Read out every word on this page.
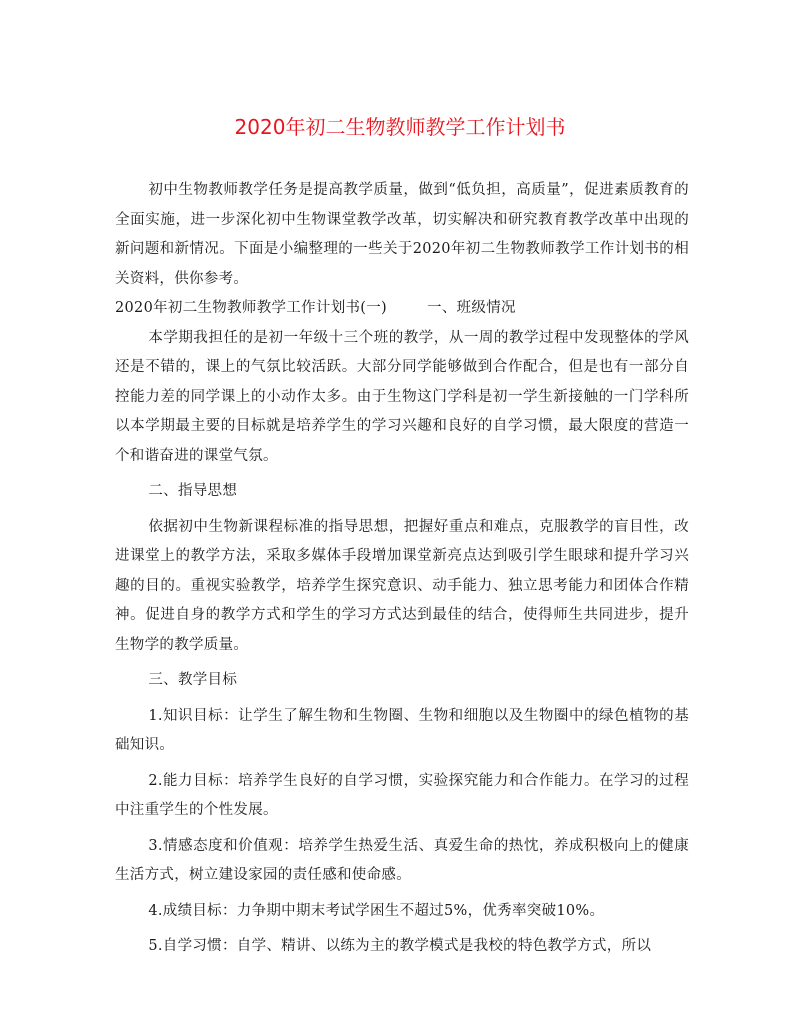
2020年初二生物教师教学工作计划书

初中生物教师教学任务是提高教学质量，做到“低负担，高质量”，促进素质教育的全面实施，进一步深化初中生物课堂教学改革，切实解决和研究教育教学改革中出现的新问题和新情况。下面是小编整理的一些关于2020年初二生物教师教学工作计划书的相关资料，供你参考。

2020年初二生物教师教学工作计划书(一)	一、班级情况

本学期我担任的是初一年级十三个班的教学，从一周的教学过程中发现整体的学风还是不错的，课上的气氛比较活跃。大部分同学能够做到合作配合，但是也有一部分自控能力差的同学课上的小动作太多。由于生物这门学科是初一学生新接触的一门学科所以本学期最主要的目标就是培养学生的学习兴趣和良好的自学习惯，最大限度的营造一个和谐奋进的课堂气氛。

二、指导思想

依据初中生物新课程标准的指导思想，把握好重点和难点，克服教学的盲目性，改进课堂上的教学方法，采取多媒体手段增加课堂新亮点达到吸引学生眼球和提升学习兴趣的目的。重视实验教学，培养学生探究意识、动手能力、独立思考能力和团体合作精神。促进自身的教学方式和学生的学习方式达到最佳的结合，使得师生共同进步，提升生物学的教学质量。

三、教学目标

1.知识目标：让学生了解生物和生物圈、生物和细胞以及生物圈中的绿色植物的基础知识。

2.能力目标：培养学生良好的自学习惯，实验探究能力和合作能力。在学习的过程中注重学生的个性发展。

3.情感态度和价值观：培养学生热爱生活、真爱生命的热忱，养成积极向上的健康生活方式，树立建设家园的责任感和使命感。

4.成绩目标：力争期中期末考试学困生不超过5%，优秀率突破10%。

5.自学习惯：自学、精讲、以练为主的教学模式是我校的特色教学方式，所以
